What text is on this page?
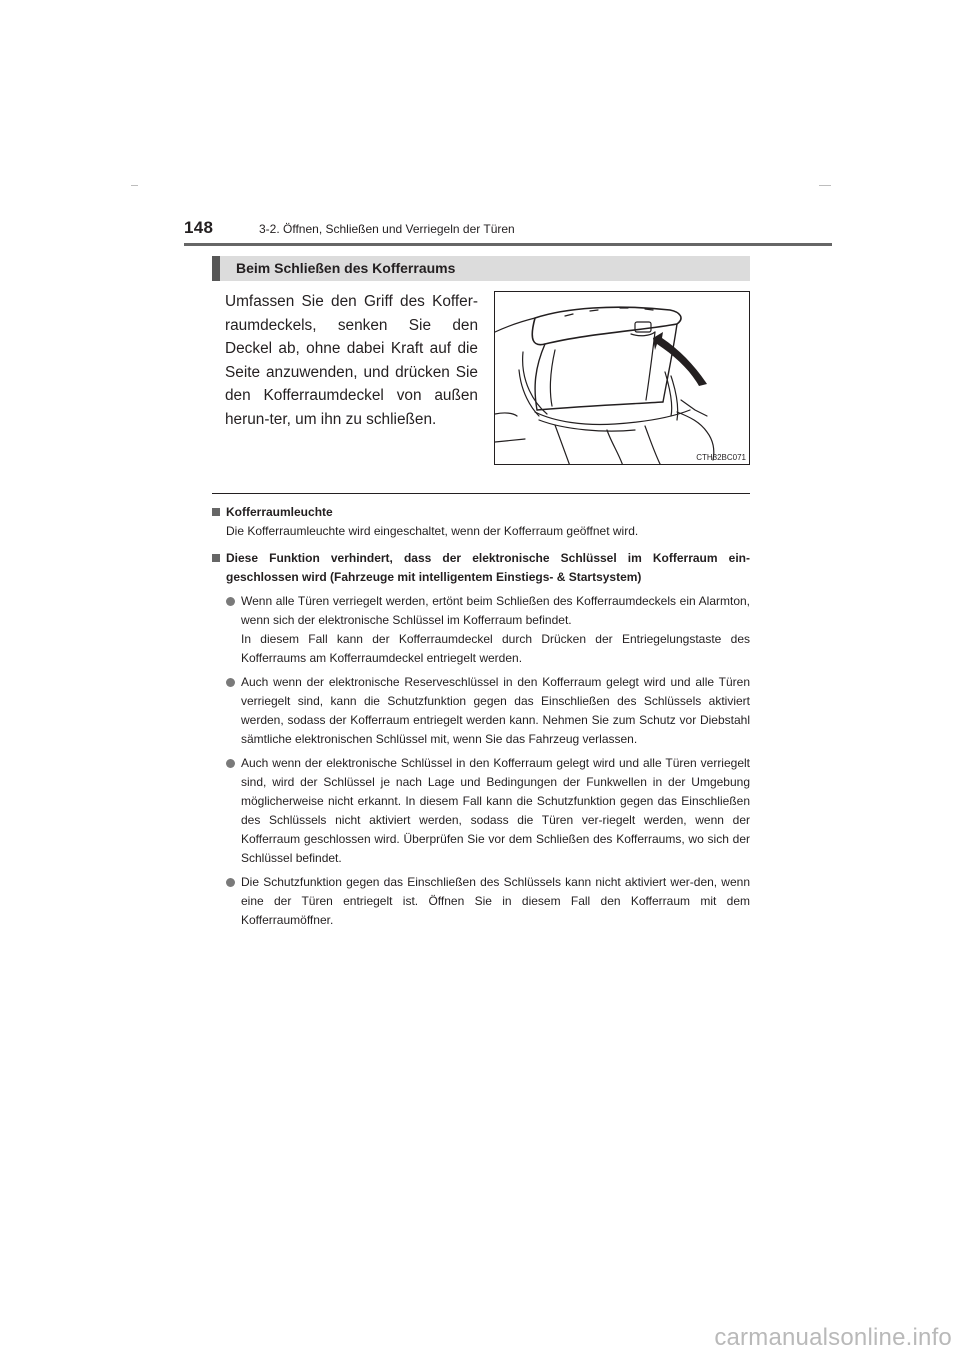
148	3-2. Öffnen, Schließen und Verriegeln der Türen
Beim Schließen des Kofferraums
Umfassen Sie den Griff des Koffer-raumdeckels, senken Sie den Deckel ab, ohne dabei Kraft auf die Seite anzuwenden, und drücken Sie den Kofferraumdeckel von außen herun-ter, um ihn zu schließen.
CTH32BC071
Kofferraumleuchte
Die Kofferraumleuchte wird eingeschaltet, wenn der Kofferraum geöffnet wird.
Diese Funktion verhindert, dass der elektronische Schlüssel im Kofferraum ein-geschlossen wird (Fahrzeuge mit intelligentem Einstiegs- & Startsystem)
Wenn alle Türen verriegelt werden, ertönt beim Schließen des Kofferraumdeckels ein Alarmton, wenn sich der elektronische Schlüssel im Kofferraum befindet.
In diesem Fall kann der Kofferraumdeckel durch Drücken der Entriegelungstaste des Kofferraums am Kofferraumdeckel entriegelt werden.
Auch wenn der elektronische Reserveschlüssel in den Kofferraum gelegt wird und alle Türen verriegelt sind, kann die Schutzfunktion gegen das Einschließen des Schlüssels aktiviert werden, sodass der Kofferraum entriegelt werden kann. Nehmen Sie zum Schutz vor Diebstahl sämtliche elektronischen Schlüssel mit, wenn Sie das Fahrzeug verlassen.
Auch wenn der elektronische Schlüssel in den Kofferraum gelegt wird und alle Türen verriegelt sind, wird der Schlüssel je nach Lage und Bedingungen der Funkwellen in der Umgebung möglicherweise nicht erkannt. In diesem Fall kann die Schutzfunktion gegen das Einschließen des Schlüssels nicht aktiviert werden, sodass die Türen ver-riegelt werden, wenn der Kofferraum geschlossen wird. Überprüfen Sie vor dem Schließen des Kofferraums, wo sich der Schlüssel befindet.
Die Schutzfunktion gegen das Einschließen des Schlüssels kann nicht aktiviert wer-den, wenn eine der Türen entriegelt ist. Öffnen Sie in diesem Fall den Kofferraum mit dem Kofferraumöffner.
carmanualsonline.info
